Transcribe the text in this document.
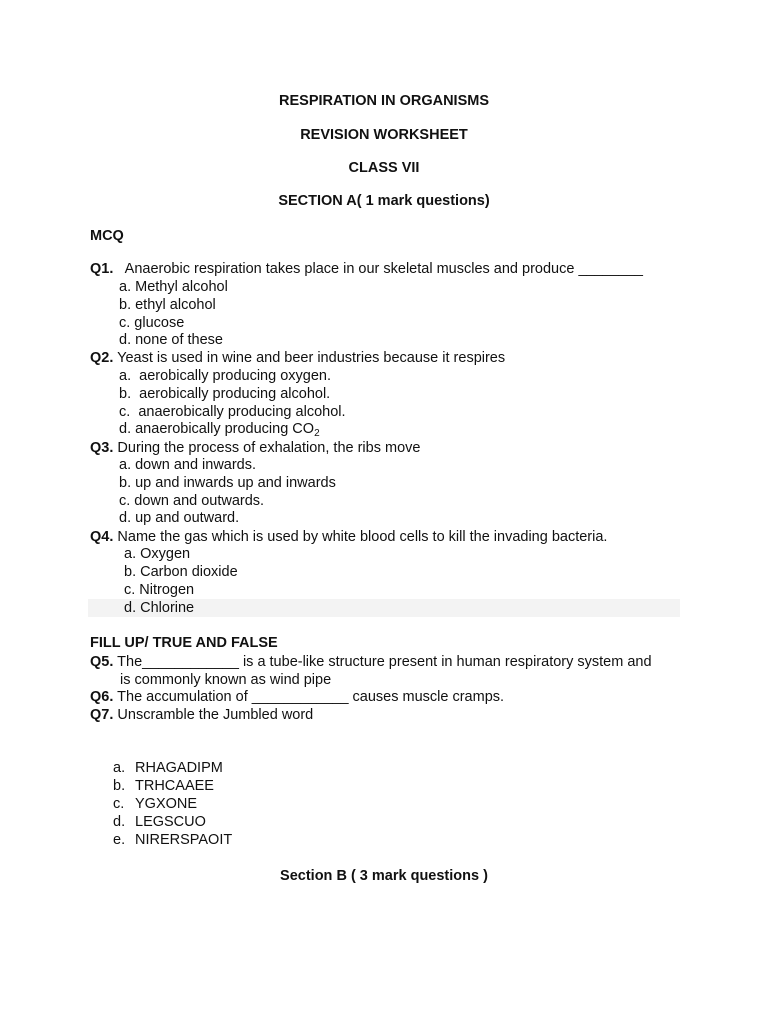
RESPIRATION IN ORGANISMS
REVISION WORKSHEET
CLASS VII
SECTION A( 1 mark questions)
MCQ
Q1. Anaerobic respiration takes place in our skeletal muscles and produce ________
a. Methyl alcohol
b. ethyl alcohol
c. glucose
d. none of these
Q2. Yeast is used in wine and beer industries because it respires
a. aerobically producing oxygen.
b. aerobically producing alcohol.
c. anaerobically producing alcohol.
d. anaerobically producing $CO_2$
Q3. During the process of exhalation, the ribs move
a. down and inwards.
b. up and inwards up and inwards
c. down and outwards.
d. up and outward.
Q4. Name the gas which is used by white blood cells to kill the invading bacteria.
a. Oxygen
b. Carbon dioxide
c. Nitrogen
d. Chlorine
FILL UP/ TRUE AND FALSE
Q5. The____________ is a tube-like structure present in human respiratory system and
is commonly known as wind pipe
Q6. The accumulation of ____________ causes muscle cramps.
Q7. Unscramble the Jumbled word
a. RHAGADIPM
b. TRHCAAEE
c. YGXONE
d. LEGSCUO
e. NIRERSPAOIT
Section B ( 3 mark questions )
